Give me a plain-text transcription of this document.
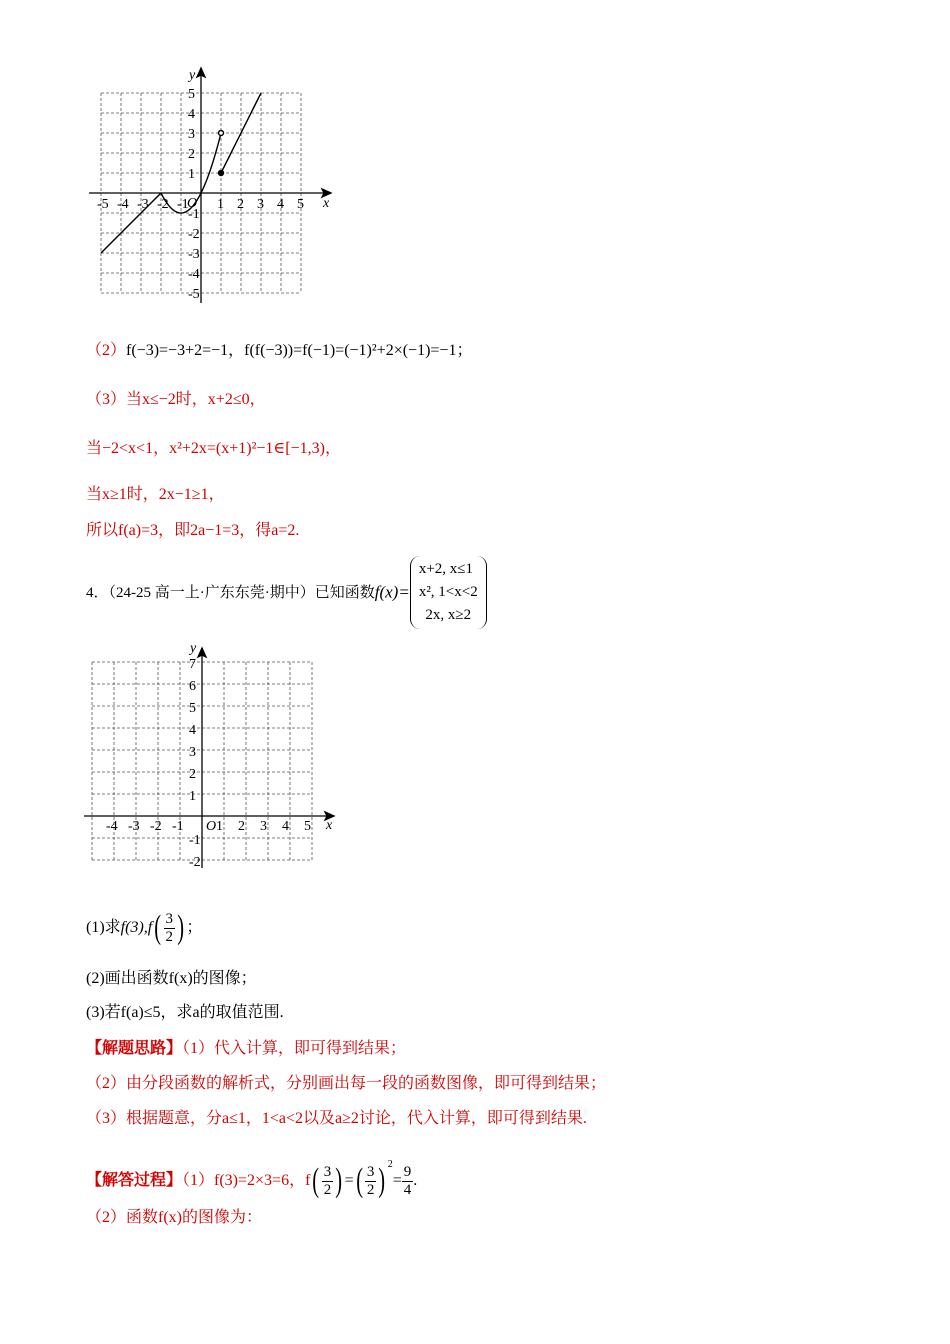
-5 -4 -3 -2 -1 1 2 3 4 5
5
4
3
2
1
-1
-2
-3
-4
-5
x
y
O
（2）f(−3)=−3+2=−1，f(f(−3))=f(−1)=(−1)²+2×(−1)=−1；
（3）当x≤−2时，x+2≤0，
当−2<x<1，x²+2x=(x+1)²−1∈[−1,3)，
当x≥1时，2x−1≥1，
所以f(a)=3，即2a−1=3，得a=2.
4．（24-25 高一上·广东东莞·期中）已知函数f(x)=
x+2, x≤1
x², 1<x<2
2x, x≥2
-4 -3 -2 -1 1 2 3 4 5
7
6
5
4
3
2
1
-1
-2
x
y
O
(1)求$f(3),f( \frac{3}{2}$ ) ；
(2)画出函数f(x)的图像；
(3)若f(a)≤5，求a的取值范围.
【解题思路】（1）代入计算，即可得到结果；
（2）由分段函数的解析式，分别画出每一段的函数图像，即可得到结果；
（3）根据题意，分a≤1，1<a<2以及a≥2讨论，代入计算，即可得到结果.
【解答过程】（1）f(3)=2×3=6，$f( \frac{3}{2}$ ) =( $\frac{3}{2}$ ) $^2= \frac{9}{4}$ .
（2）函数f(x)的图像为：
